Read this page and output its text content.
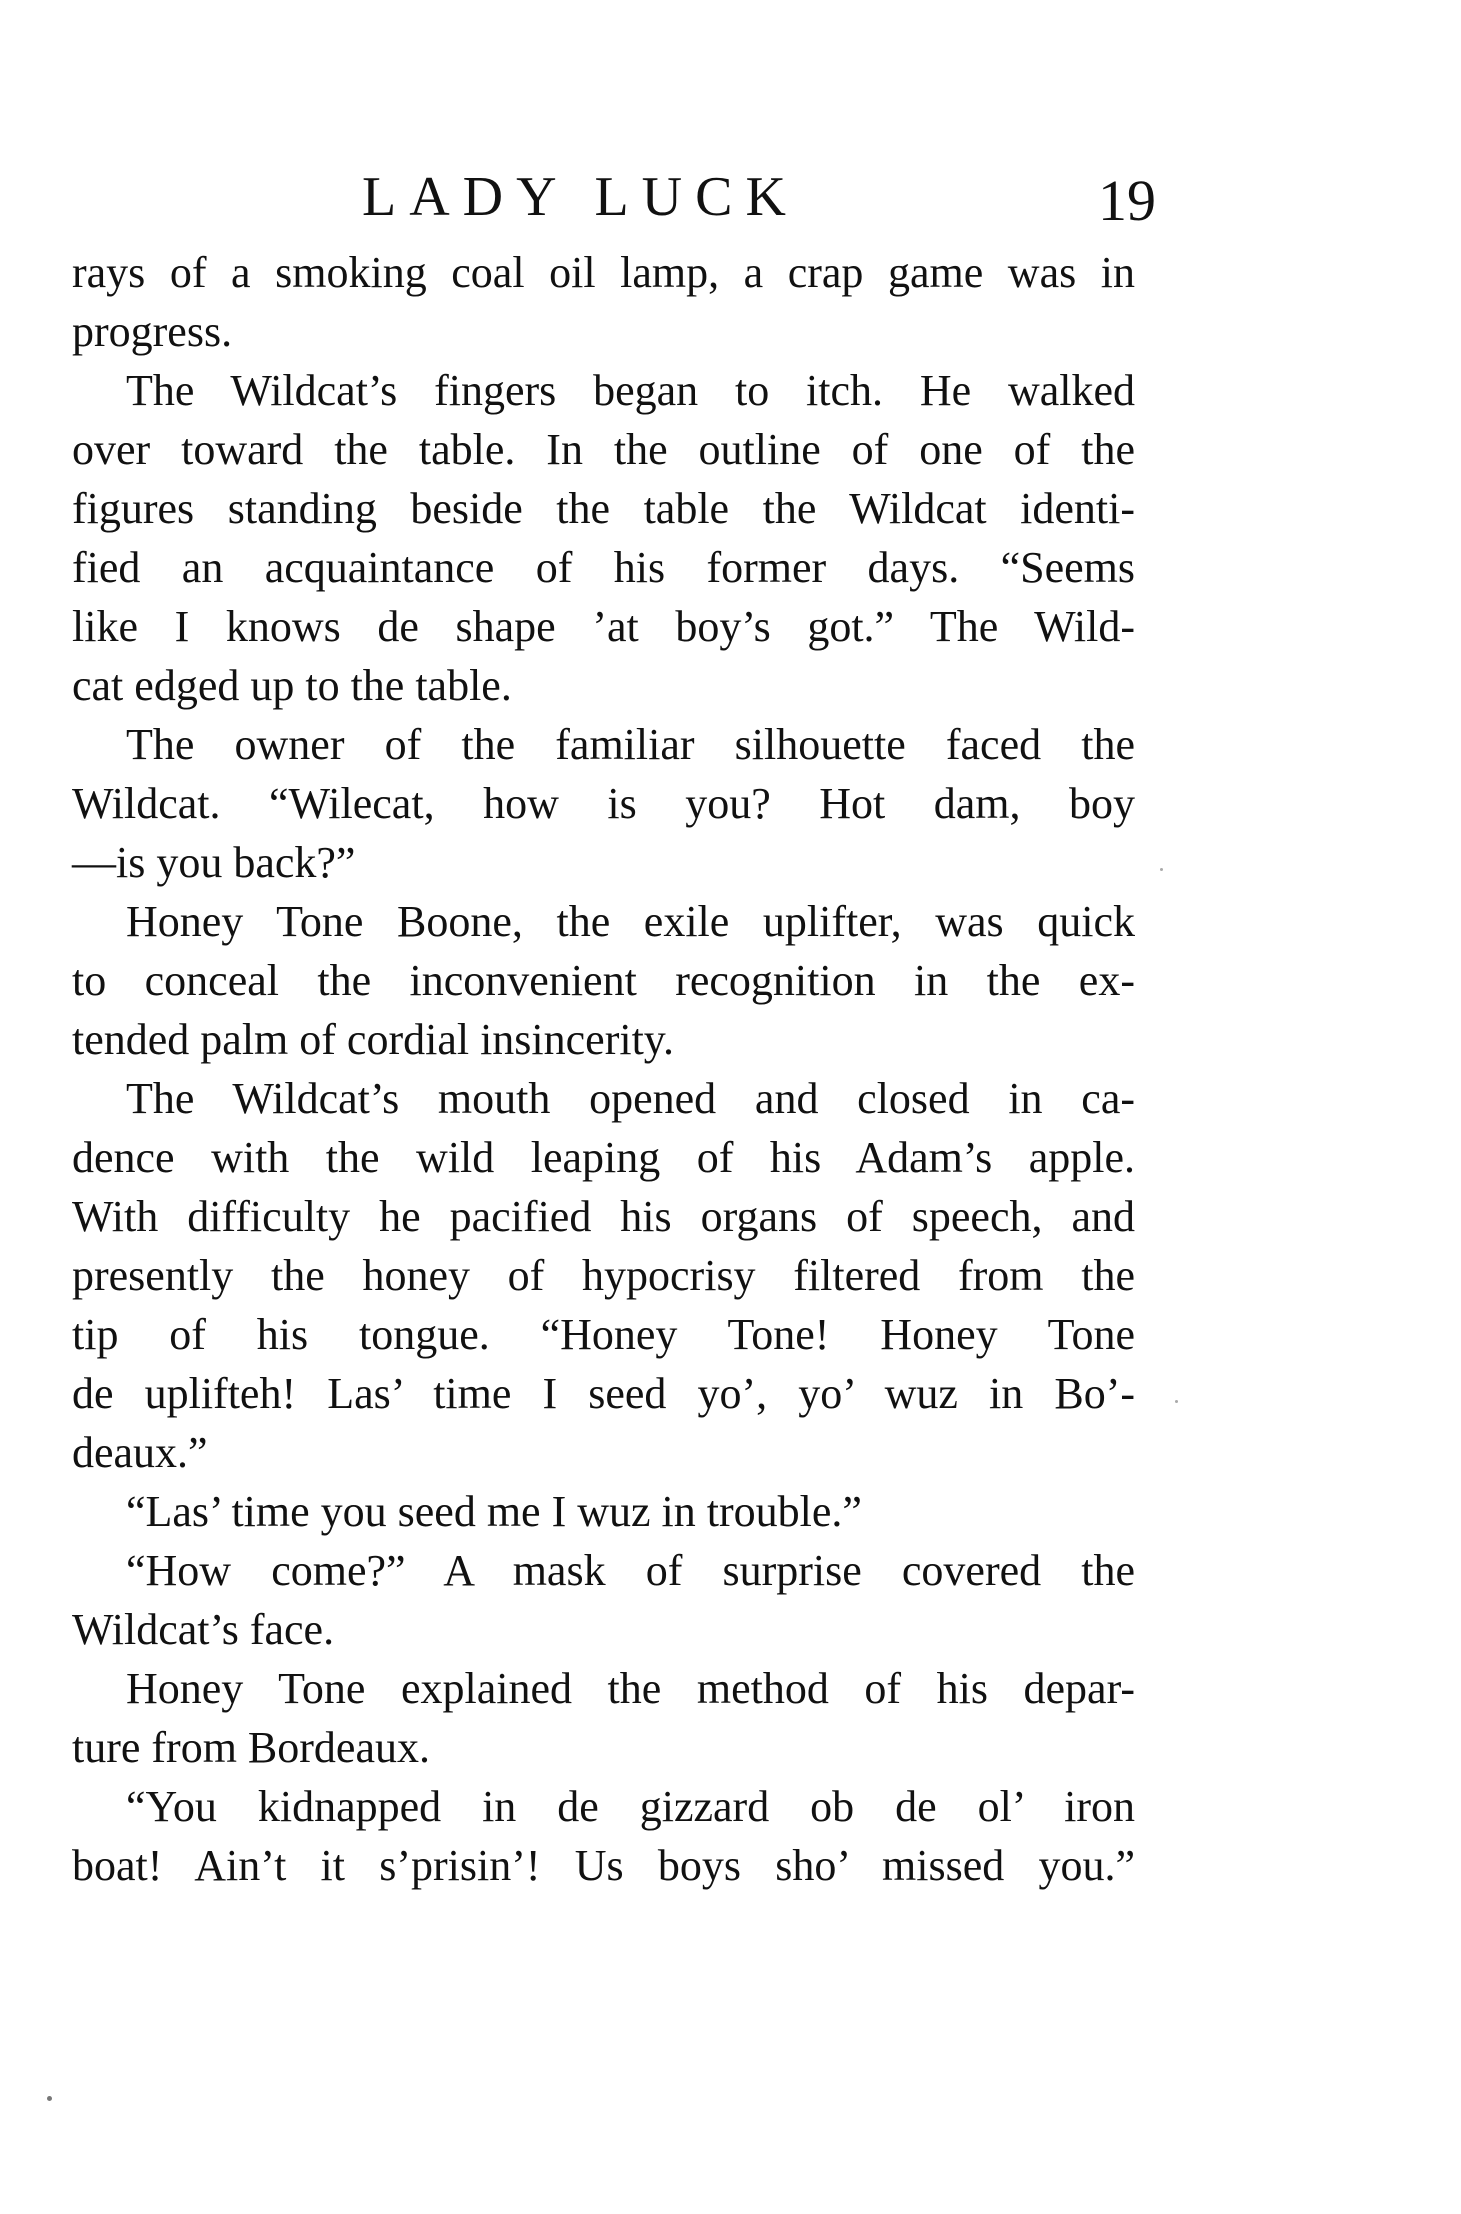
LADY LUCK	19
rays of a smoking coal oil lamp, a crap game was in
progress.
The Wildcat’s fingers began to itch. He walked
over toward the table. In the outline of one of the
figures standing beside the table the Wildcat identi-
fied an acquaintance of his former days. “Seems
like I knows de shape ’at boy’s got.” The Wild-
cat edged up to the table.
The owner of the familiar silhouette faced the
Wildcat. “Wilecat, how is you? Hot dam, boy
—is you back?”
Honey Tone Boone, the exile uplifter, was quick
to conceal the inconvenient recognition in the ex-
tended palm of cordial insincerity.
The Wildcat’s mouth opened and closed in ca-
dence with the wild leaping of his Adam’s apple.
With difficulty he pacified his organs of speech, and
presently the honey of hypocrisy filtered from the
tip of his tongue. “Honey Tone! Honey Tone
de uplifteh! Las’ time I seed yo’, yo’ wuz in Bo’-
deaux.”
“Las’ time you seed me I wuz in trouble.”
“How come?” A mask of surprise covered the
Wildcat’s face.
Honey Tone explained the method of his depar-
ture from Bordeaux.
“You kidnapped in de gizzard ob de ol’ iron
boat! Ain’t it s’prisin’! Us boys sho’ missed you.”
